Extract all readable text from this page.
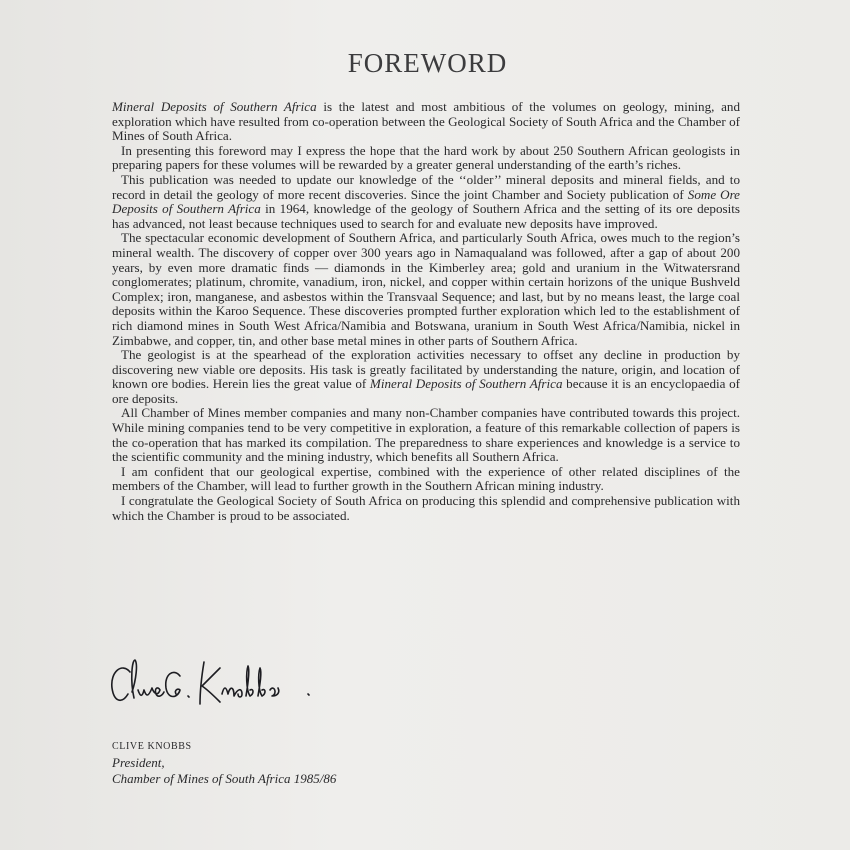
FOREWORD

Mineral Deposits of Southern Africa is the latest and most ambitious of the volumes on geology, mining, and exploration which have resulted from co-operation between the Geological Society of South Africa and the Chamber of Mines of South Africa.

In presenting this foreword may I express the hope that the hard work by about 250 Southern African geologists in preparing papers for these volumes will be rewarded by a greater general understanding of the earth’s riches.

This publication was needed to update our knowledge of the ‘‘older’’ mineral deposits and mineral fields, and to record in detail the geology of more recent discoveries. Since the joint Chamber and Society publication of Some Ore Deposits of Southern Africa in 1964, knowledge of the geology of Southern Africa and the setting of its ore deposits has advanced, not least because techniques used to search for and evaluate new deposits have improved.

The spectacular economic development of Southern Africa, and particularly South Africa, owes much to the region’s mineral wealth. The discovery of copper over 300 years ago in Namaqualand was followed, after a gap of about 200 years, by even more dramatic finds — diamonds in the Kimberley area; gold and uranium in the Witwatersrand conglomerates; platinum, chromite, vanadium, iron, nickel, and copper within certain horizons of the unique Bushveld Complex; iron, manganese, and asbestos within the Transvaal Sequence; and last, but by no means least, the large coal deposits within the Karoo Sequence. These discoveries prompted further exploration which led to the establishment of rich diamond mines in South West Africa/Namibia and Botswana, uranium in South West Africa/Namibia, nickel in Zimbabwe, and copper, tin, and other base metal mines in other parts of Southern Africa.

The geologist is at the spearhead of the exploration activities necessary to offset any decline in production by discovering new viable ore deposits. His task is greatly facilitated by understanding the nature, origin, and location of known ore bodies. Herein lies the great value of Mineral Deposits of Southern Africa because it is an encyclopaedia of ore deposits.

All Chamber of Mines member companies and many non-Chamber companies have contributed towards this project. While mining companies tend to be very competitive in exploration, a feature of this remarkable collection of papers is the co-operation that has marked its compilation. The preparedness to share experiences and knowledge is a service to the scientific community and the mining industry, which benefits all Southern Africa.

I am confident that our geological expertise, combined with the experience of other related disciplines of the members of the Chamber, will lead to further growth in the Southern African mining industry.

I congratulate the Geological Society of South Africa on producing this splendid and comprehensive publication with which the Chamber is proud to be associated.

CLIVE KNOBBS
President,
Chamber of Mines of South Africa 1985/86
